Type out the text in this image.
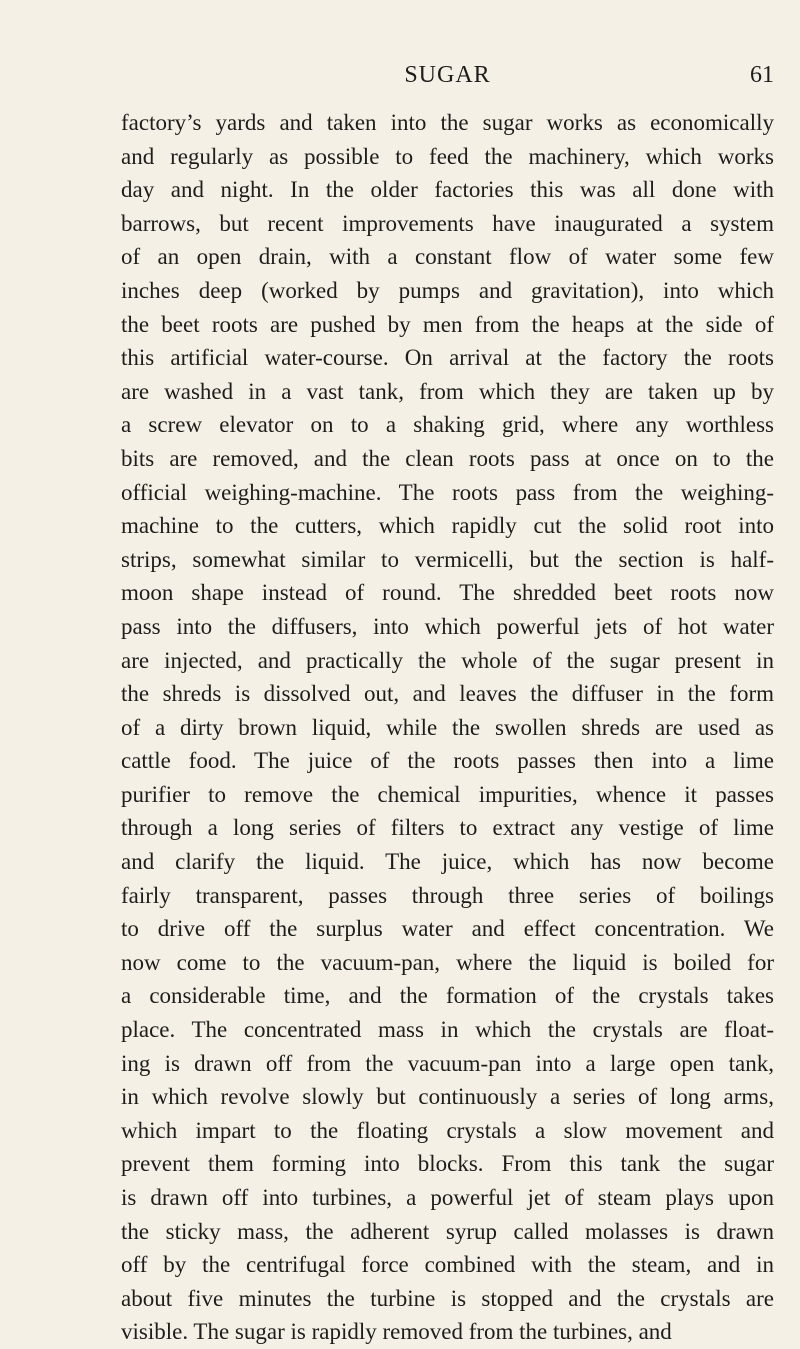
SUGAR	61
factory’s yards and taken into the sugar works as economically
and regularly as possible to feed the machinery, which works
day and night. In the older factories this was all done with
barrows, but recent improvements have inaugurated a system
of an open drain, with a constant flow of water some few
inches deep (worked by pumps and gravitation), into which
the beet roots are pushed by men from the heaps at the side of
this artificial water-course. On arrival at the factory the roots
are washed in a vast tank, from which they are taken up by
a screw elevator on to a shaking grid, where any worthless
bits are removed, and the clean roots pass at once on to the
official weighing-machine. The roots pass from the weighing-
machine to the cutters, which rapidly cut the solid root into
strips, somewhat similar to vermicelli, but the section is half-
moon shape instead of round. The shredded beet roots now
pass into the diffusers, into which powerful jets of hot water
are injected, and practically the whole of the sugar present in
the shreds is dissolved out, and leaves the diffuser in the form
of a dirty brown liquid, while the swollen shreds are used as
cattle food. The juice of the roots passes then into a lime
purifier to remove the chemical impurities, whence it passes
through a long series of filters to extract any vestige of lime
and clarify the liquid. The juice, which has now become
fairly transparent, passes through three series of boilings
to drive off the surplus water and effect concentration. We
now come to the vacuum-pan, where the liquid is boiled for
a considerable time, and the formation of the crystals takes
place. The concentrated mass in which the crystals are float-
ing is drawn off from the vacuum-pan into a large open tank,
in which revolve slowly but continuously a series of long arms,
which impart to the floating crystals a slow movement and
prevent them forming into blocks. From this tank the sugar
is drawn off into turbines, a powerful jet of steam plays upon
the sticky mass, the adherent syrup called molasses is drawn
off by the centrifugal force combined with the steam, and in
about five minutes the turbine is stopped and the crystals are
visible. The sugar is rapidly removed from the turbines, and
